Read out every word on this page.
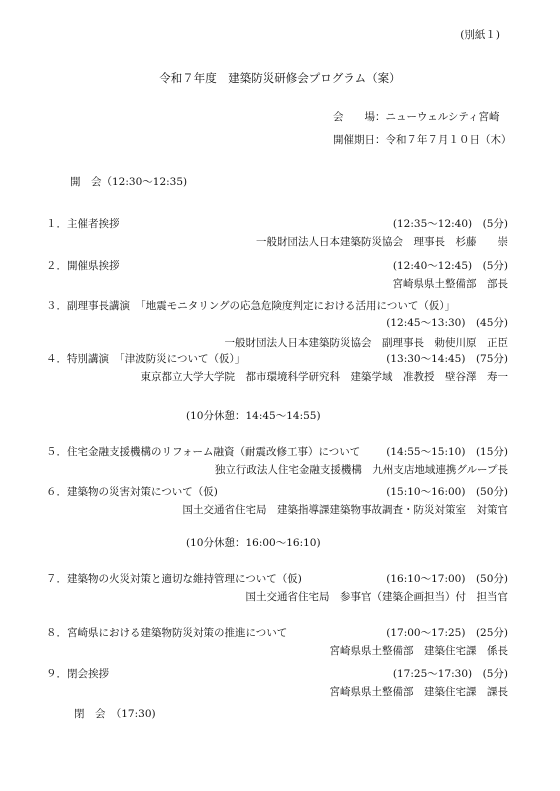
(別紙１)
令和７年度　建築防災研修会プログラム（案）
会　　場：ニューウェルシティ宮崎
開催期日：令和７年７月１０日（木）
開　会（12:30～12:35)
１．主催者挨拶	(12:35～12:40)　(5分)
一般財団法人日本建築防災協会　理事長　杉藤　　崇
２．開催県挨拶	(12:40～12:45)　(5分)
宮崎県県土整備部　部長
３．副理事長講演　「地震モニタリングの応急危険度判定における活用について（仮）」
(12:45～13:30)　(45分)
一般財団法人日本建築防災協会　副理事長　勅使川原　正臣
４．特別講演　「津波防災について（仮）」	(13:30～14:45)　(75分)
東京都立大学大学院　都市環境科学研究科　建築学域　准教授　壁谷澤　寿一
(10分休憩：14:45～14:55)
５．住宅金融支援機構のリフォーム融資（耐震改修工事）について (14:55～15:10)　(15分)
独立行政法人住宅金融支援機構　九州支店地域連携グループ長
６．建築物の災害対策について（仮)	(15:10～16:00)　(50分)
国土交通省住宅局　建築指導課建築物事故調査・防災対策室　対策官
(10分休憩：16:00～16:10)
７．建築物の火災対策と適切な維持管理について（仮)	(16:10～17:00)　(50分)
国土交通省住宅局　参事官（建築企画担当）付　担当官
８．宮崎県における建築物防災対策の推進について	(17:00～17:25)　(25分)
宮崎県県土整備部　建築住宅課　係長
９．閉会挨拶	(17:25～17:30)　(5分)
宮崎県県土整備部　建築住宅課　課長
閉　会　（17:30)
